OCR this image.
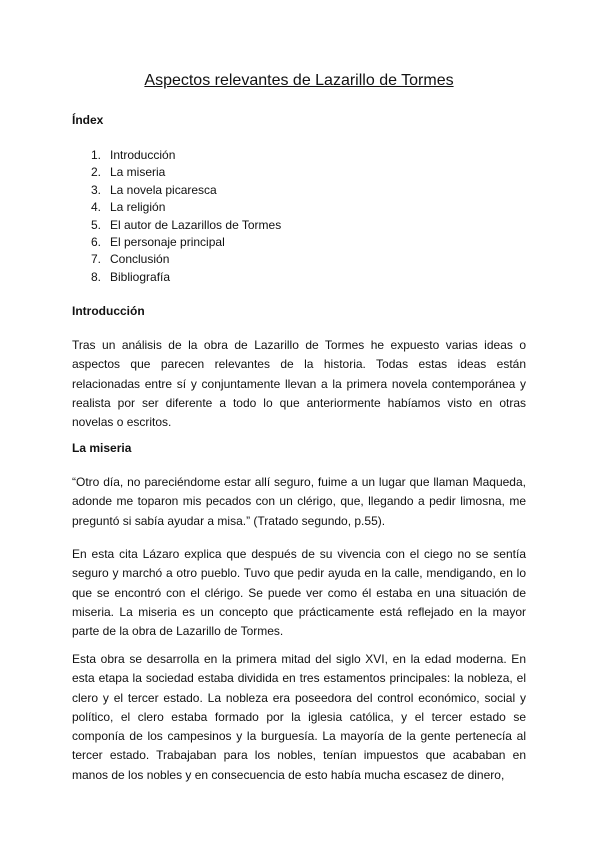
Aspectos relevantes de Lazarillo de Tormes
Índex
1. Introducción
2. La miseria
3. La novela picaresca
4. La religión
5. El autor de Lazarillos de Tormes
6. El personaje principal
7. Conclusión
8. Bibliografía
Introducción

Tras un análisis de la obra de Lazarillo de Tormes he expuesto varias ideas o aspectos que parecen relevantes de la historia. Todas estas ideas están relacionadas entre sí y conjuntamente llevan a la primera novela contemporánea y realista por ser diferente a todo lo que anteriormente habíamos visto en otras novelas o escritos.

La miseria

“Otro día, no pareciéndome estar allí seguro, fuime a un lugar que llaman Maqueda, adonde me toparon mis pecados con un clérigo, que, llegando a pedir limosna, me preguntó si sabía ayudar a misa.” (Tratado segundo, p.55).

En esta cita Lázaro explica que después de su vivencia con el ciego no se sentía seguro y marchó a otro pueblo. Tuvo que pedir ayuda en la calle, mendigando, en lo que se encontró con el clérigo. Se puede ver como él estaba en una situación de miseria. La miseria es un concepto que prácticamente está reflejado en la mayor parte de la obra de Lazarillo de Tormes.

Esta obra se desarrolla en la primera mitad del siglo XVI, en la edad moderna. En esta etapa la sociedad estaba dividida en tres estamentos principales: la nobleza, el clero y el tercer estado. La nobleza era poseedora del control económico, social y político, el clero estaba formado por la iglesia católica, y el tercer estado se componía de los campesinos y la burguesía. La mayoría de la gente pertenecía al tercer estado. Trabajaban para los nobles, tenían impuestos que acababan en manos de los nobles y en consecuencia de esto había mucha escasez de dinero,
